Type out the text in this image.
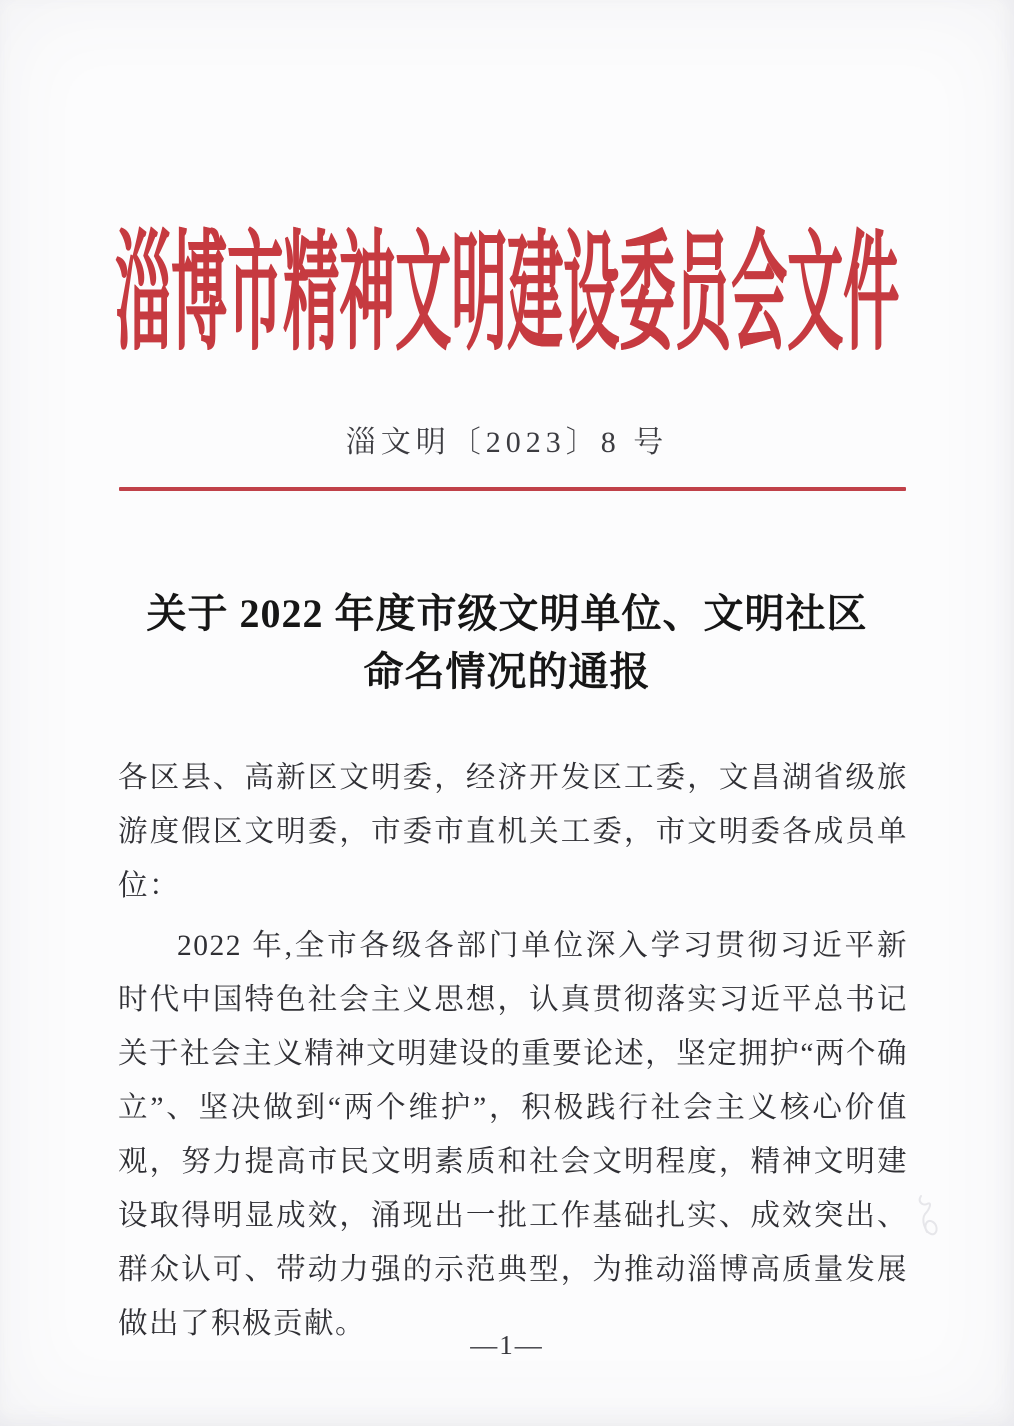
淄博市精神文明建设委员会文件
淄文明〔2023〕8 号
关于 2022 年度市级文明单位、文明社区
命名情况的通报

各区县、高新区文明委，经济开发区工委，文昌湖省级旅游度假区文明委，市委市直机关工委，市文明委各成员单位：

2022 年,全市各级各部门单位深入学习贯彻习近平新时代中国特色社会主义思想，认真贯彻落实习近平总书记关于社会主义精神文明建设的重要论述，坚定拥护“两个确立”、坚决做到“两个维护”，积极践行社会主义核心价值观，努力提高市民文明素质和社会文明程度，精神文明建设取得明显成效，涌现出一批工作基础扎实、成效突出、群众认可、带动力强的示范典型，为推动淄博高质量发展做出了积极贡献。

—1—
